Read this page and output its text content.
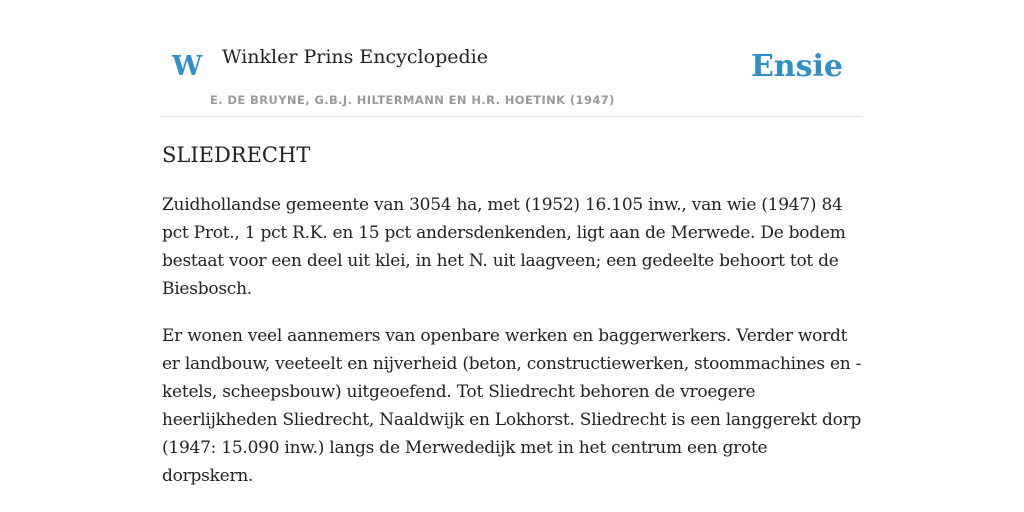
W Winkler Prins Encyclopedie
E. DE BRUYNE, G.B.J. HILTERMANN EN H.R. HOETINK (1947)
Ensie
SLIEDRECHT

Zuidhollandse gemeente van 3054 ha, met (1952) 16.105 inw., van wie (1947) 84 pct Prot., 1 pct R.K. en 15 pct andersdenkenden, ligt aan de Merwede. De bodem bestaat voor een deel uit klei, in het N. uit laagveen; een gedeelte behoort tot de Biesbosch.

Er wonen veel aannemers van openbare werken en baggerwerkers. Verder wordt er landbouw, veeteelt en nijverheid (beton, constructiewerken, stoommachines en -ketels, scheepsbouw) uitgeoefend. Tot Sliedrecht behoren de vroegere heerlijkheden Sliedrecht, Naaldwijk en Lokhorst. Sliedrecht is een langgerekt dorp (1947: 15.090 inw.) langs de Merwededijk met in het centrum een grote dorpskern.
